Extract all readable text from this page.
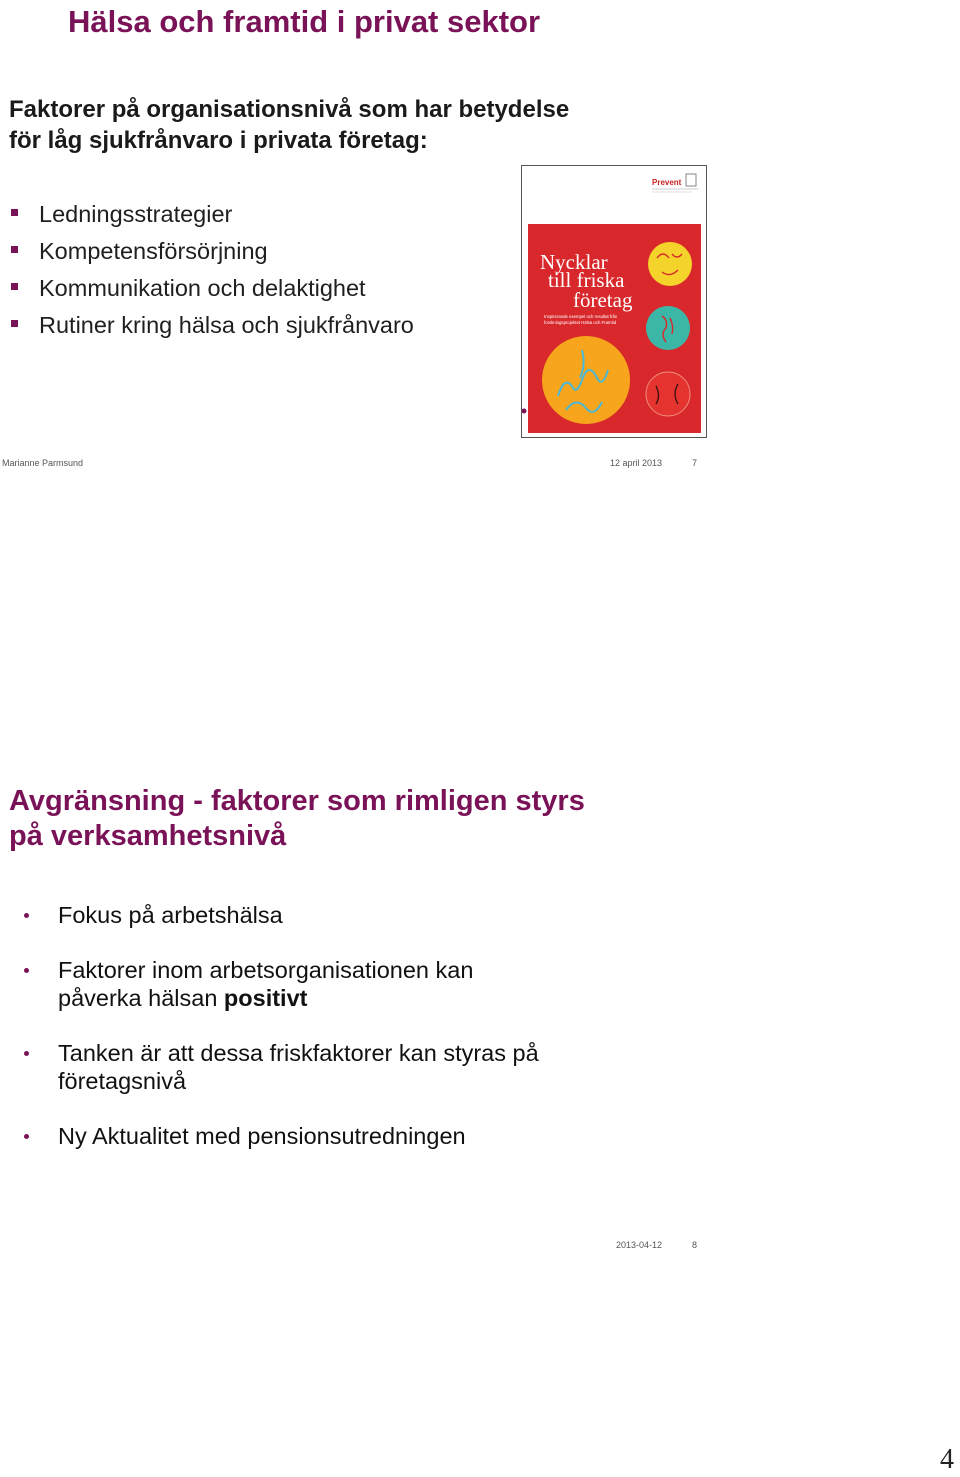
Hälsa och framtid i privat sektor
Faktorer på organisationsnivå som har betydelse
för låg sjukfrånvaro i privata företag:
Ledningsstrategier
Kompetensförsörjning
Kommunikation och delaktighet
Rutiner kring hälsa och sjukfrånvaro
Prevent
Nycklar
till friska
företag
Inspirerande exempel och resultat från
forskningsprojektet Hälsa och Framtid
Marianne Parmsund	12 april 2013	7
Avgränsning - faktorer som rimligen styrs
på verksamhetsnivå
Fokus på arbetshälsa
Faktorer inom arbetsorganisationen kan
påverka hälsan positivt
Tanken är att dessa friskfaktorer kan styras på
företagsnivå
Ny Aktualitet med pensionsutredningen
2013-04-12	8
4
